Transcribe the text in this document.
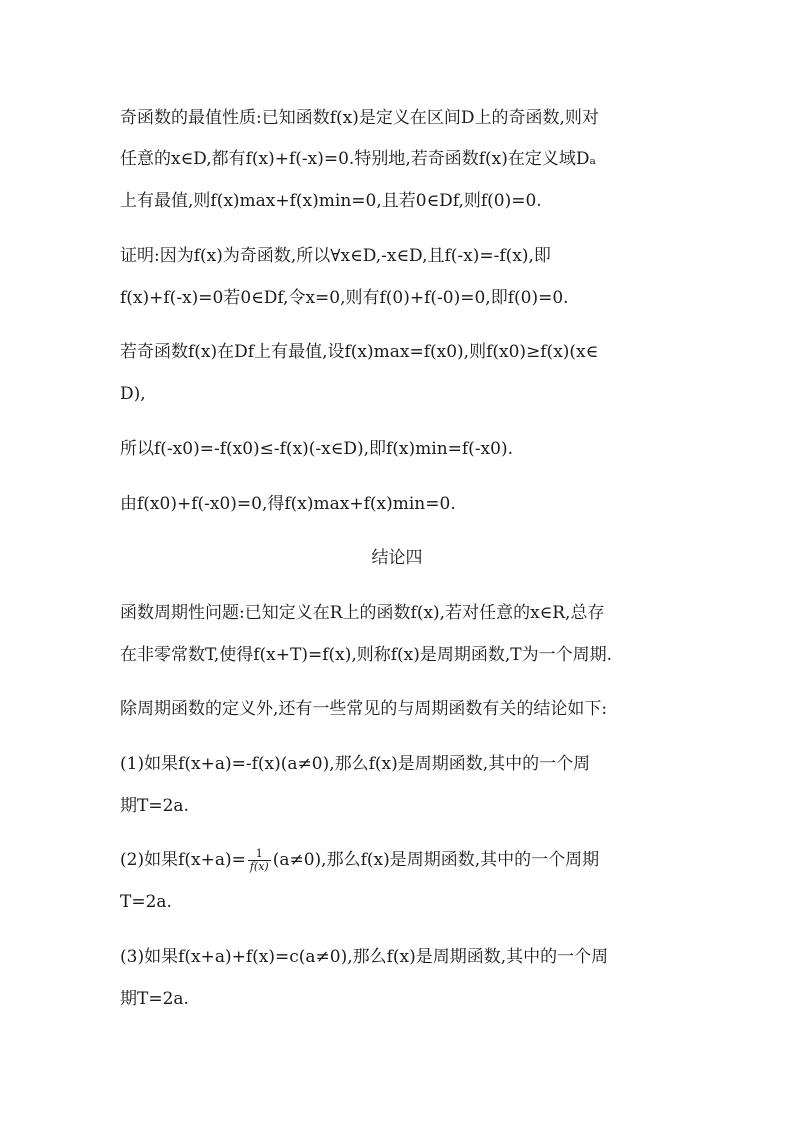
奇函数的最值性质:已知函数f(x)是定义在区间D上的奇函数,则对
任意的x∈D,都有f(x)+f(-x)=0.特别地,若奇函数f(x)在定义域Dₐ
上有最值,则f(x)max+f(x)min=0,且若0∈Df,则f(0)=0.
证明:因为f(x)为奇函数,所以∀x∈D,-x∈D,且f(-x)=-f(x),即
f(x)+f(-x)=0若0∈Df,令x=0,则有f(0)+f(-0)=0,即f(0)=0.
若奇函数f(x)在Df上有最值,设f(x)max=f(x0),则f(x0)≥f(x)(x∈
D),
所以f(-x0)=-f(x0)≤-f(x)(-x∈D),即f(x)min=f(-x0).
由f(x0)+f(-x0)=0,得f(x)max+f(x)min=0.
结论四
函数周期性问题:已知定义在R上的函数f(x),若对任意的x∈R,总存
在非零常数T,使得f(x+T)=f(x),则称f(x)是周期函数,T为一个周期.
除周期函数的定义外,还有一些常见的与周期函数有关的结论如下:
(1)如果f(x+a)=-f(x)(a≠0),那么f(x)是周期函数,其中的一个周
期T=2a.
(2)如果$f(x+a)= \frac{1}{f(x)} (a\ne 0)$,那么f(x)是周期函数,其中的一个周期
T=2a.
(3)如果f(x+a)+f(x)=c(a≠0),那么f(x)是周期函数,其中的一个周
期T=2a.
